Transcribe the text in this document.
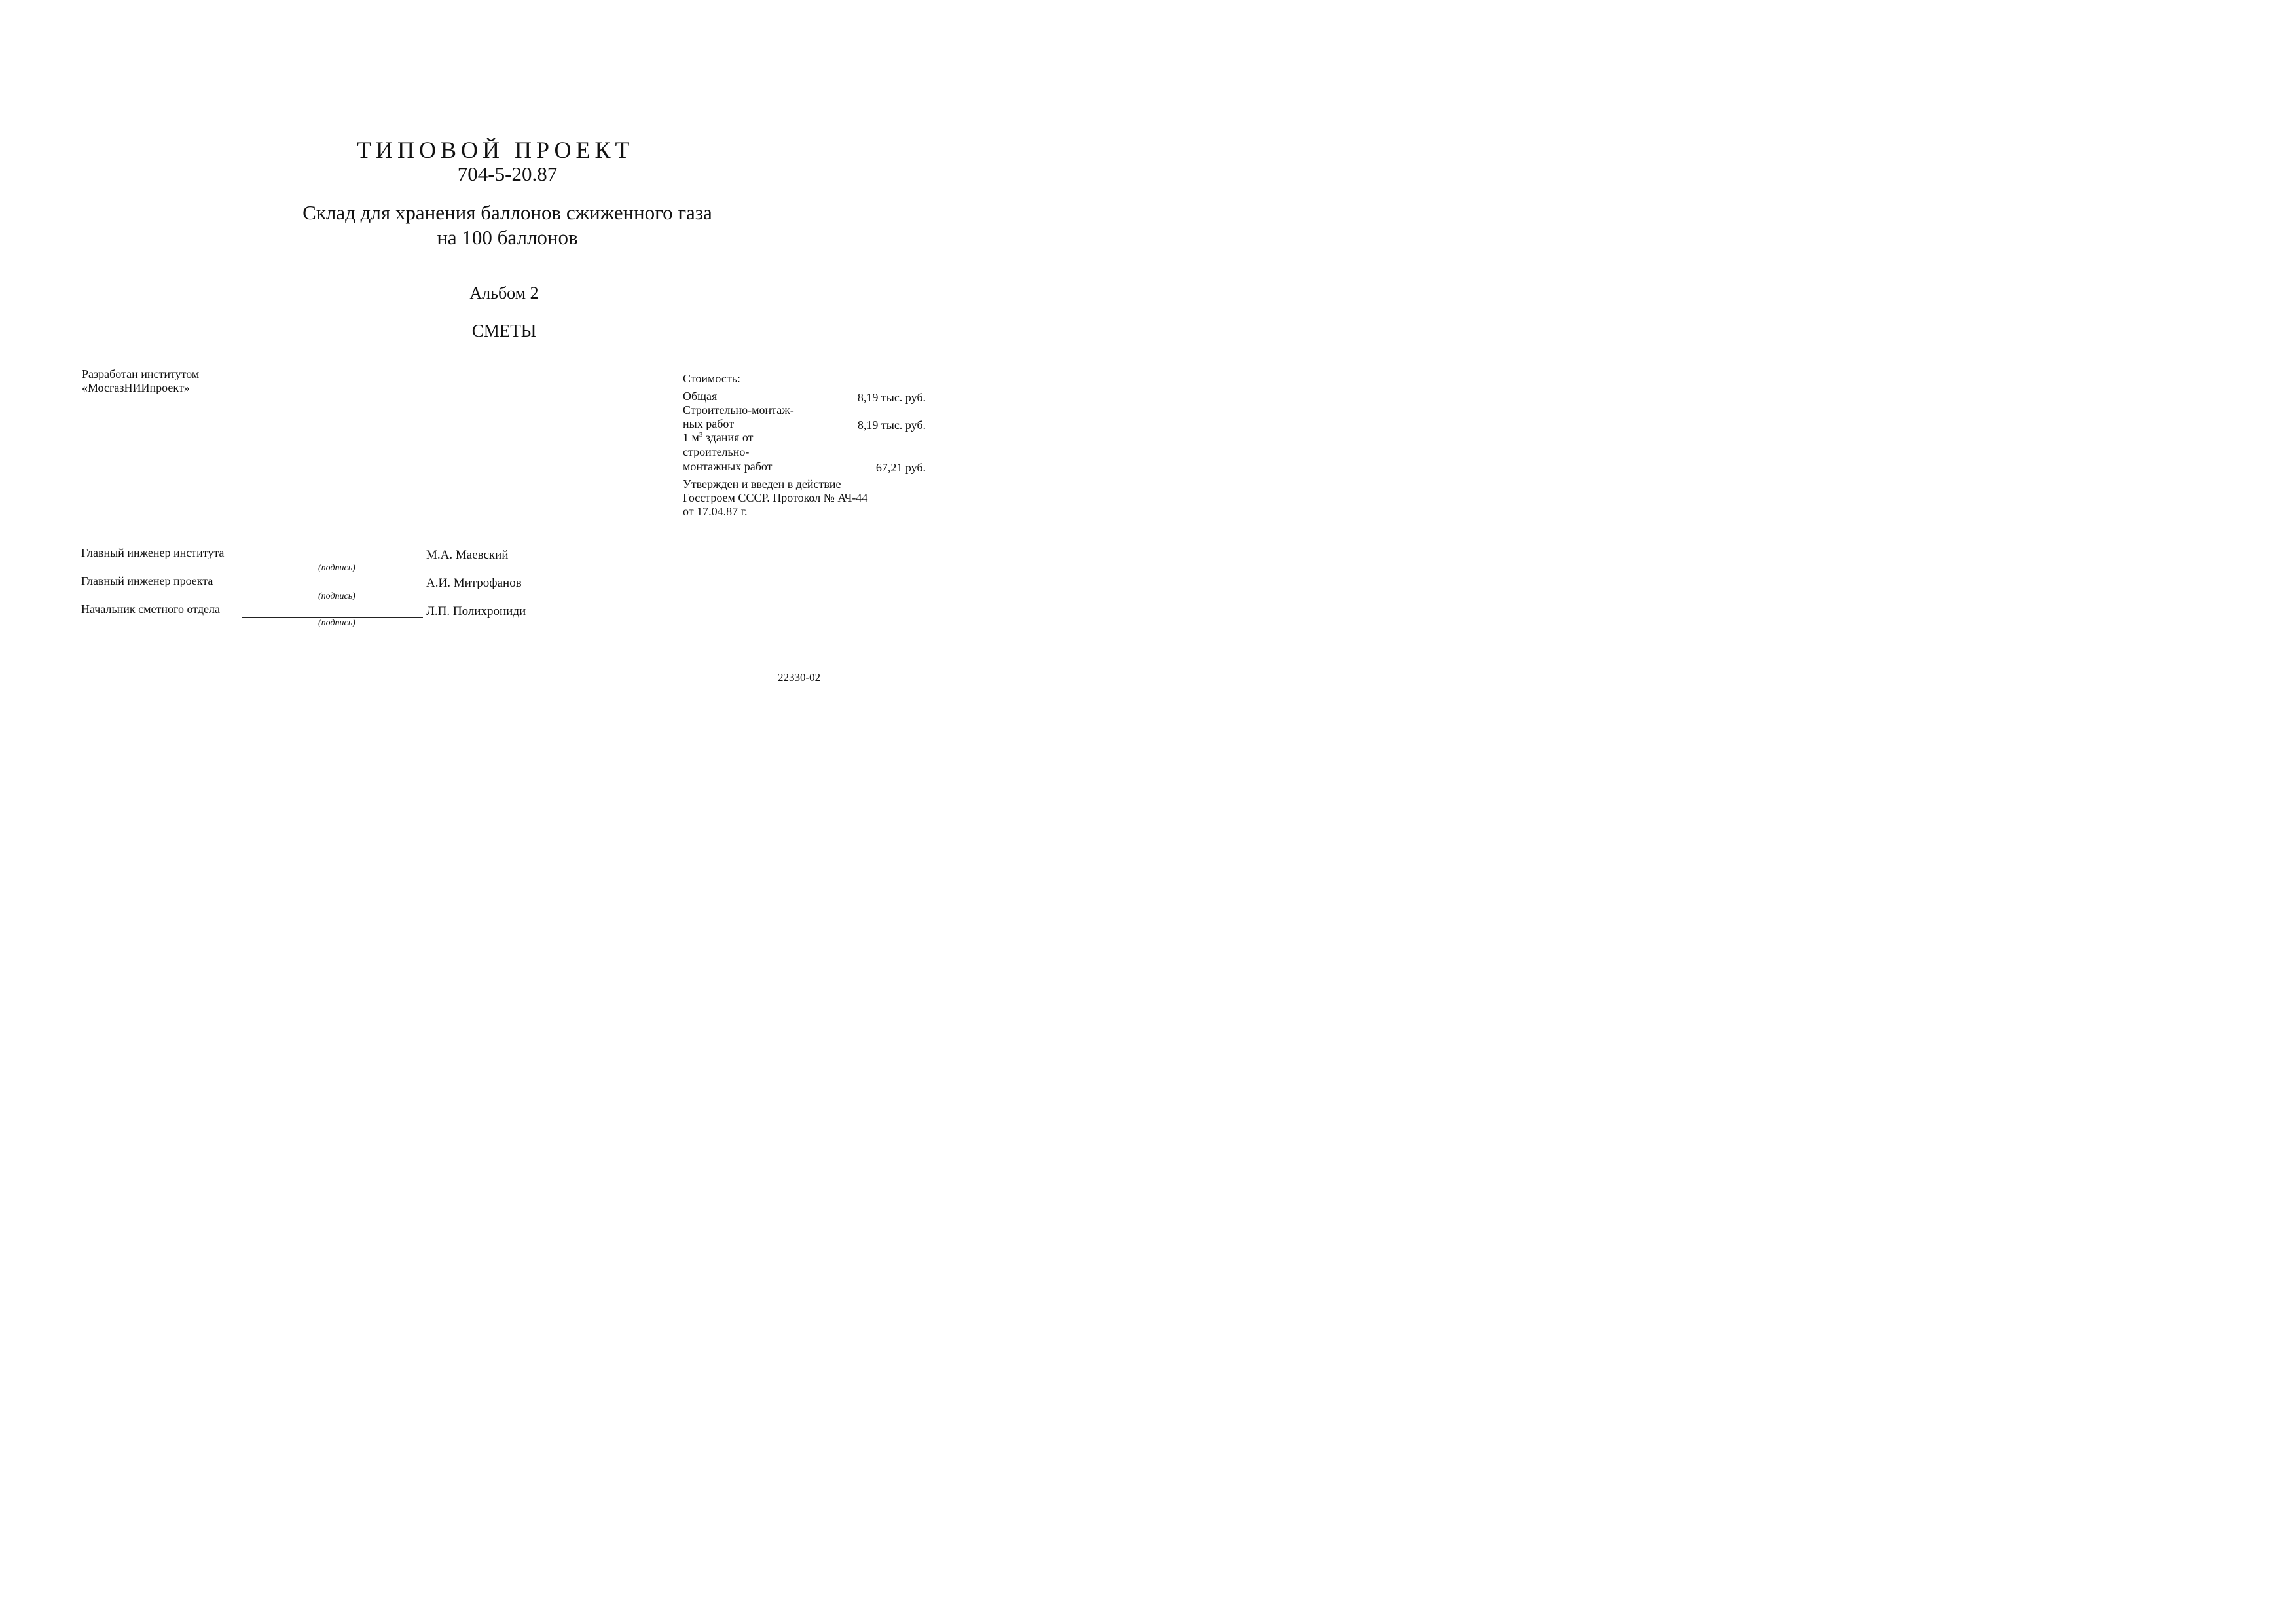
ТИПОВОЙ ПРОЕКТ
704-5-20.87
Склад для хранения баллонов сжиженного газа
на 100 баллонов
Альбом 2
СМЕТЫ
Разработан институтом
«МосгазНИИпроект»
Стоимость:
Общая	8,19 тыс. руб.
Строительно-монтаж-
ных работ	8,19 тыс. руб.
1 $м^3$ здания от
строительно-
монтажных работ	67,21 руб.
Утвержден и введен в действие
Госстроем СССР. Протокол № АЧ-44
от 17.04.87 г.
Главный инженер института	М.А. Маевский
(подпись)
Главный инженер проекта	А.И. Митрофанов
(подпись)
Начальник сметного отдела	Л.П. Полихрониди
(подпись)
22330-02
